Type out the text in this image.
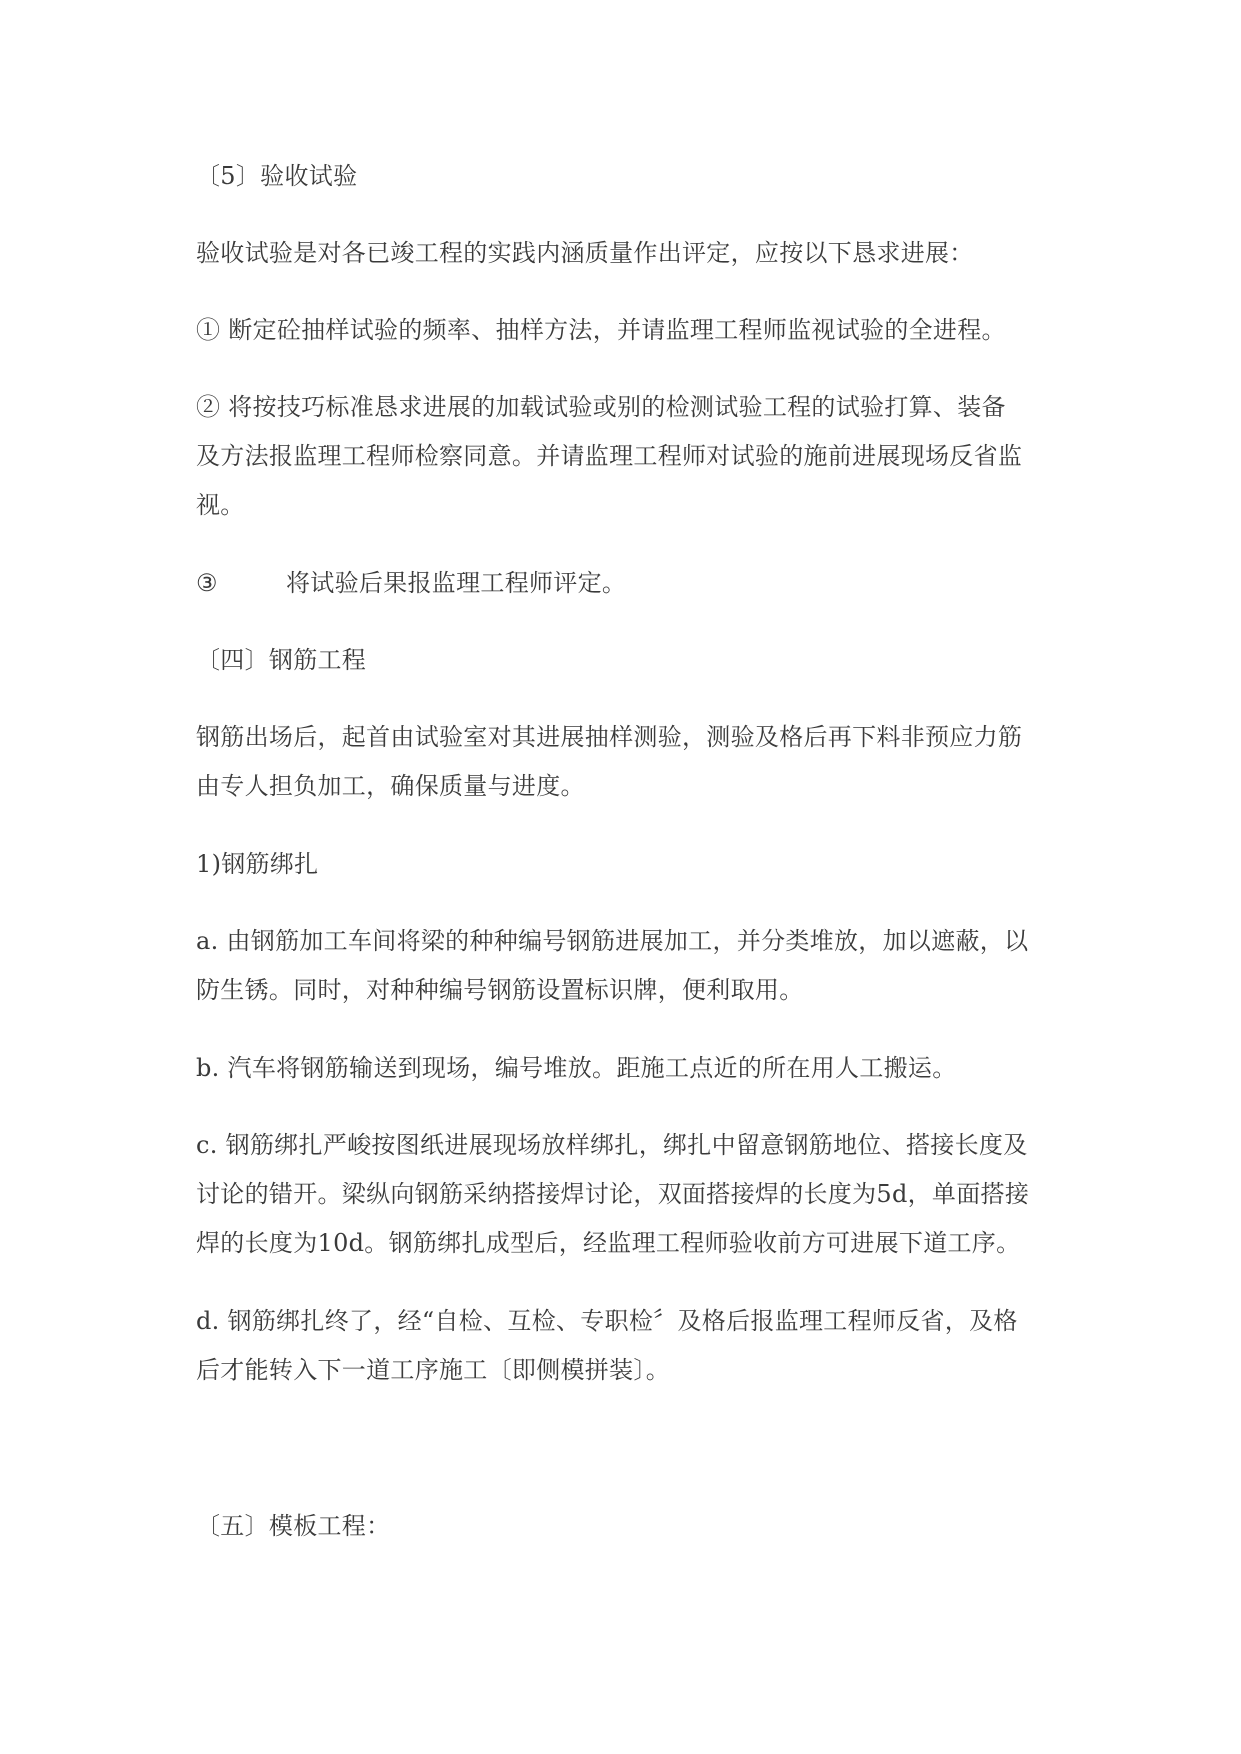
〔5〕验收试验
验收试验是对各已竣工程的实践内涵质量作出评定，应按以下恳求进展：
① 断定砼抽样试验的频率、抽样方法，并请监理工程师监视试验的全进程。
② 将按技巧标准恳求进展的加载试验或别的检测试验工程的试验打算、装备
及方法报监理工程师检察同意。并请监理工程师对试验的施前进展现场反省监
视。
③	将试验后果报监理工程师评定。
〔四〕钢筋工程
钢筋出场后，起首由试验室对其进展抽样测验，测验及格后再下料非预应力筋
由专人担负加工，确保质量与进度。
1)钢筋绑扎
a. 由钢筋加工车间将梁的种种编号钢筋进展加工，并分类堆放，加以遮蔽，以
防生锈。同时，对种种编号钢筋设置标识牌，便利取用。
b. 汽车将钢筋输送到现场，编号堆放。距施工点近的所在用人工搬运。
c. 钢筋绑扎严峻按图纸进展现场放样绑扎，绑扎中留意钢筋地位、搭接长度及
讨论的错开。梁纵向钢筋采纳搭接焊讨论，双面搭接焊的长度为5d，单面搭接
焊的长度为10d。钢筋绑扎成型后，经监理工程师验收前方可进展下道工序。
d. 钢筋绑扎终了，经“自检、互检、专职检〞及格后报监理工程师反省，及格
后才能转入下一道工序施工〔即侧模拼装〕。
〔五〕模板工程：
